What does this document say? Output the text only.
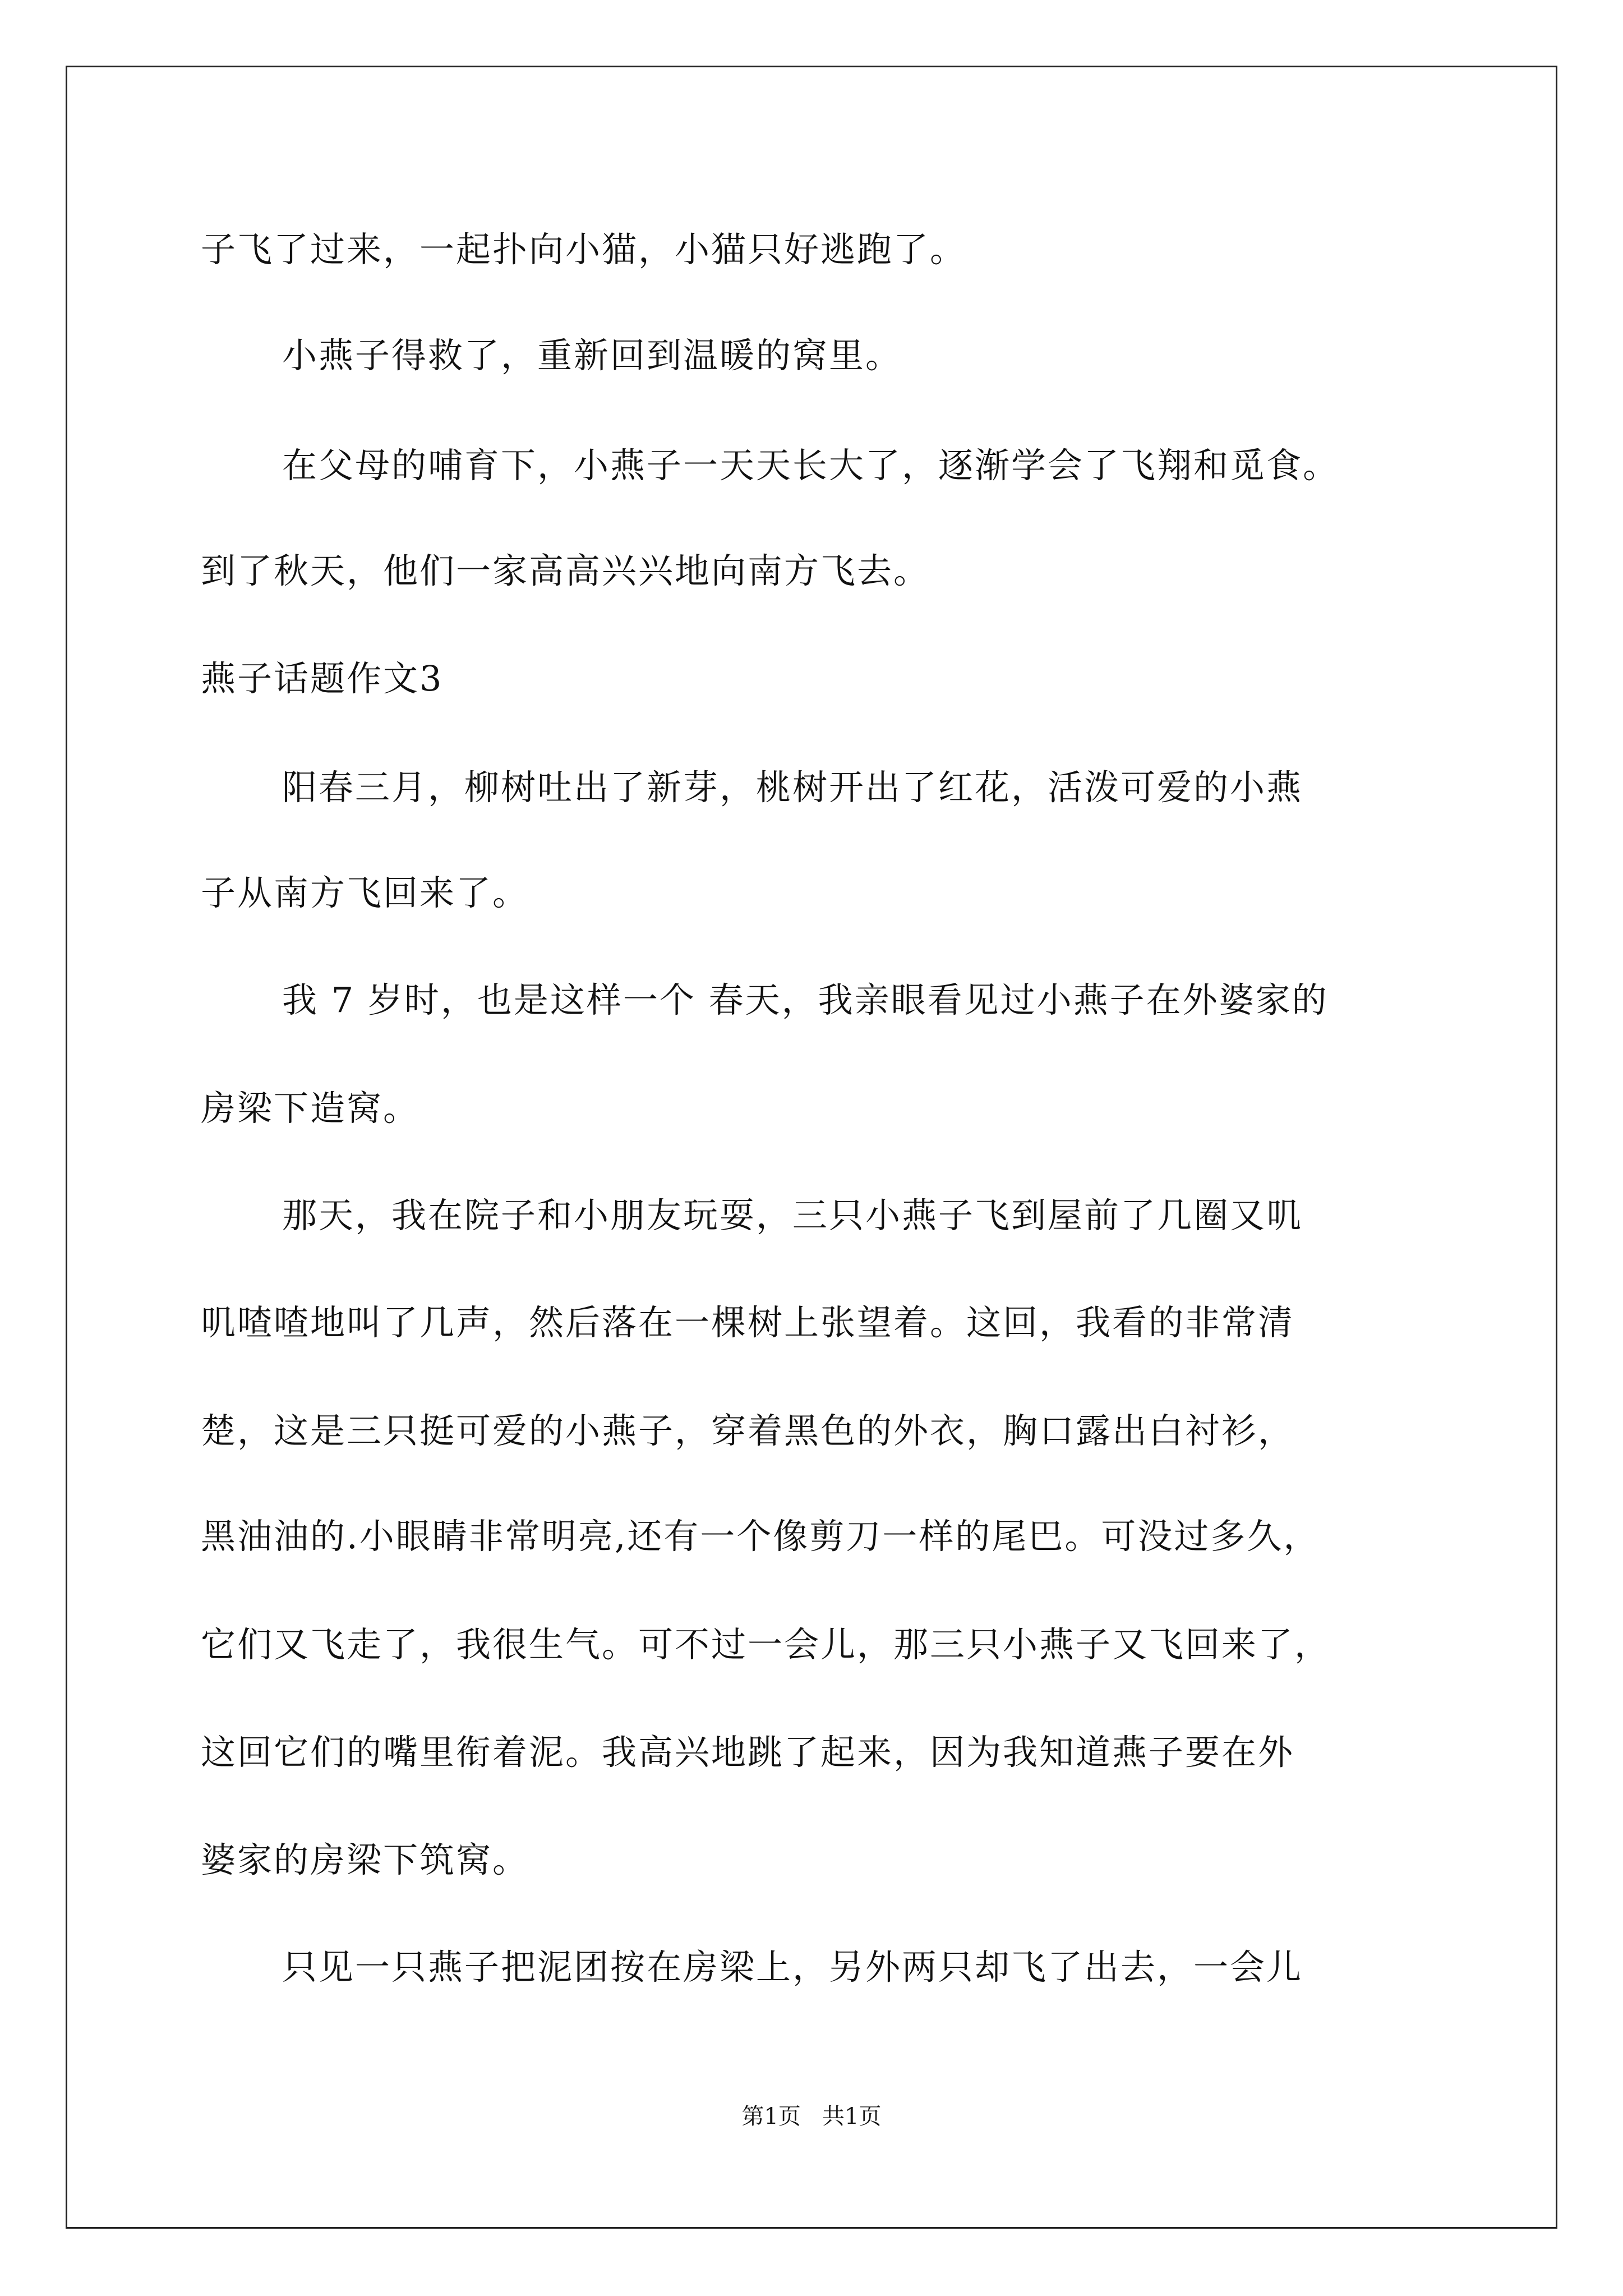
子飞了过来，一起扑向小猫，小猫只好逃跑了。
小燕子得救了，重新回到温暖的窝里。
在父母的哺育下，小燕子一天天长大了，逐渐学会了飞翔和觅食。
到了秋天，他们一家高高兴兴地向南方飞去。
燕子话题作文3
阳春三月，柳树吐出了新芽，桃树开出了红花，活泼可爱的小燕
子从南方飞回来了。
我 7 岁时，也是这样一个 春天，我亲眼看见过小燕子在外婆家的
房梁下造窝。
那天，我在院子和小朋友玩耍，三只小燕子飞到屋前了几圈又叽
叽喳喳地叫了几声，然后落在一棵树上张望着。这回，我看的非常清
楚，这是三只挺可爱的小燕子，穿着黑色的外衣，胸口露出白衬衫，
黑油油的.小眼睛非常明亮,还有一个像剪刀一样的尾巴。可没过多久，
它们又飞走了，我很生气。可不过一会儿，那三只小燕子又飞回来了，
这回它们的嘴里衔着泥。我高兴地跳了起来，因为我知道燕子要在外
婆家的房梁下筑窝。
只见一只燕子把泥团按在房梁上，另外两只却飞了出去，一会儿
第1页   共1页
